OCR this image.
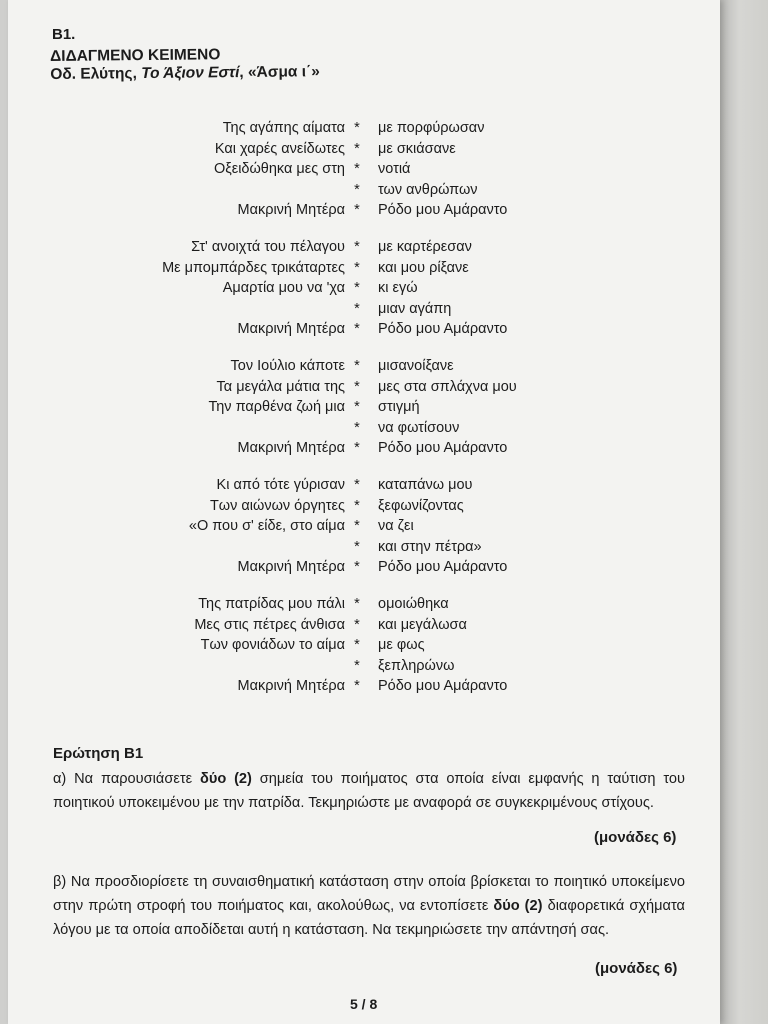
B1.
ΔΙΔΑΓΜΕΝΟ ΚΕΙΜΕΝΟ
Οδ. Ελύτης, Το Άξιον Εστί, «Άσμα ι΄»
Της αγάπης αίματα * με πορφύρωσαν
Και χαρές ανείδωτες * με σκιάσανε
Οξειδώθηκα μες στη * νοτιά
* των ανθρώπων
Μακρινή Μητέρα * Ρόδο μου Αμάραντο
Στ' ανοιχτά του πέλαγου * με καρτέρεσαν
Με μπομπάρδες τρικάταρτες * και μου ρίξανε
Αμαρτία μου να 'χα * κι εγώ
* μιαν αγάπη
Μακρινή Μητέρα * Ρόδο μου Αμάραντο
Τον Ιούλιο κάποτε * μισανοίξανε
Τα μεγάλα μάτια της * μες στα σπλάχνα μου
Την παρθένα ζωή μια * στιγμή
* να φωτίσουν
Μακρινή Μητέρα * Ρόδο μου Αμάραντο
Κι από τότε γύρισαν * καταπάνω μου
Των αιώνων όργητες * ξεφωνίζοντας
«Ο που σ' είδε, στο αίμα * να ζει
* και στην πέτρα»
Μακρινή Μητέρα * Ρόδο μου Αμάραντο
Της πατρίδας μου πάλι * ομοιώθηκα
Μες στις πέτρες άνθισα * και μεγάλωσα
Των φονιάδων το αίμα * με φως
* ξεπληρώνω
Μακρινή Μητέρα * Ρόδο μου Αμάραντο
Ερώτηση Β1
α) Να παρουσιάσετε δύο (2) σημεία του ποιήματος στα οποία είναι εμφανής η ταύτιση του ποιητικού υποκειμένου με την πατρίδα. Τεκμηριώστε με αναφορά σε συγκεκριμένους στίχους.
(μονάδες 6)
β) Να προσδιορίσετε τη συναισθηματική κατάσταση στην οποία βρίσκεται το ποιητικό υποκείμενο στην πρώτη στροφή του ποιήματος και, ακολούθως, να εντοπίσετε δύο (2) διαφορετικά σχήματα λόγου με τα οποία αποδίδεται αυτή η κατάσταση. Να τεκμηριώσετε την απάντησή σας.
(μονάδες 6)
5 / 8
